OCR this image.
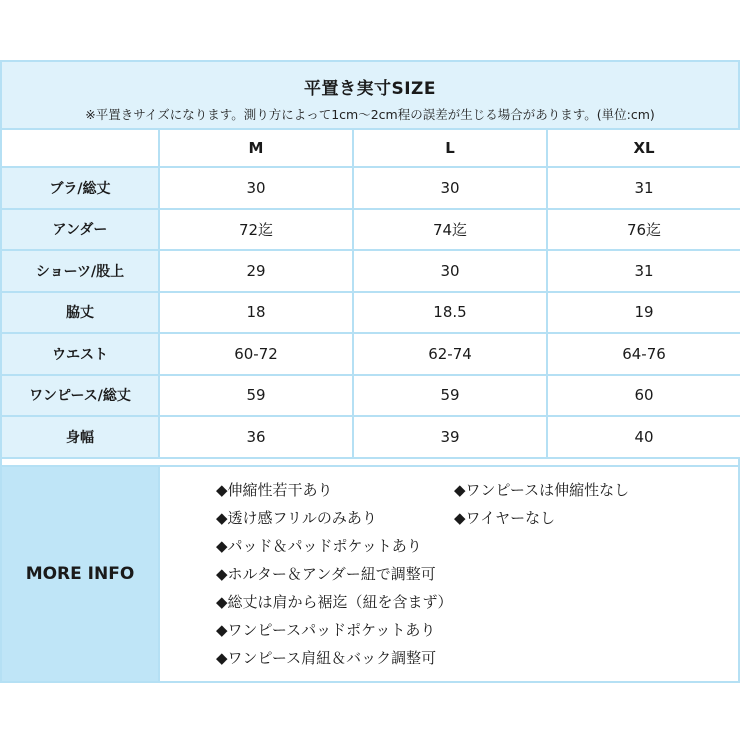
平置き実寸SIZE
※平置きサイズになります。測り方によって1cm～2cm程の誤差が生じる場合があります。(単位:cm)
	M	L	XL
ブラ/総丈	30	30	31
アンダー	72迄	74迄	76迄
ショーツ/股上	29	30	31
脇丈	18	18.5	19
ウエスト	60-72	62-74	64-76
ワンピース/総丈	59	59	60
身幅	36	39	40
MORE INFO
◆伸縮性若干あり	◆ワンピースは伸縮性なし
◆透け感フリルのみあり	◆ワイヤーなし
◆パッド＆パッドポケットあり
◆ホルター＆アンダー紐で調整可
◆総丈は肩から裾迄（紐を含まず）
◆ワンピースパッドポケットあり
◆ワンピース肩紐＆バック調整可
